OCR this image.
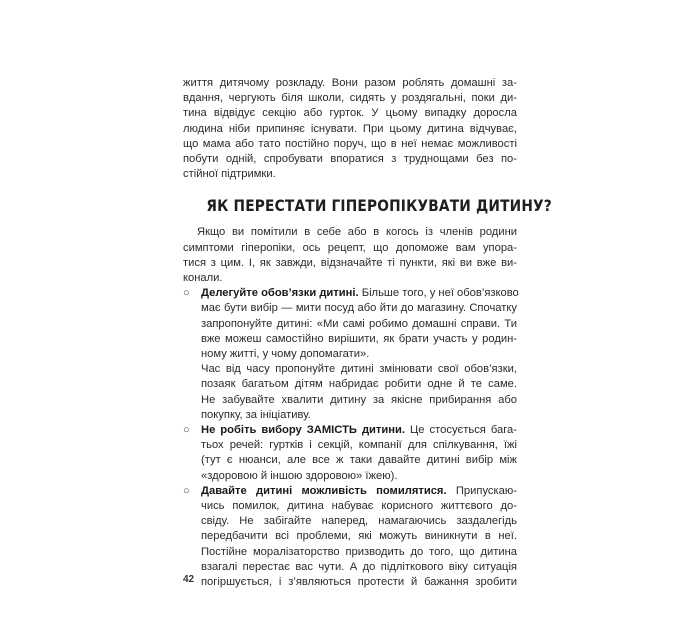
життя дитячому розкладу. Вони разом роблять домашні за-
вдання, чергують біля школи, сидять у роздягальні, поки ди-
тина відвідує секцію або гурток. У цьому випадку доросла
людина ніби припиняє існувати. При цьому дитина відчуває,
що мама або тато постійно поруч, що в неї немає можливості
побути одній, спробувати впоратися з труднощами без по-
стійної підтримки.
ЯК ПЕРЕСТАТИ ГІПЕРОПІКУВАТИ ДИТИНУ?
Якщо ви помітили в себе або в когось із членів родини
симптоми гіперопіки, ось рецепт, що допоможе вам упора-
тися з цим. І, як завжди, відзначайте ті пункти, які ви вже ви-
конали.
○ Делегуйте обов’язки дитині. Більше того, у неї обов’язково
має бути вибір — мити посуд або йти до магазину. Спочатку
запропонуйте дитині: «Ми самі робимо домашні справи. Ти
вже можеш самостійно вирішити, як брати участь у родин-
ному житті, у чому допомагати».
Час від часу пропонуйте дитині змінювати свої обов’язки,
позаяк багатьом дітям набридає робити одне й те саме.
Не забувайте хвалити дитину за якісне прибирання або
покупку, за ініціативу.
○ Не робіть вибору ЗАМІСТЬ дитини. Це стосується бага-
тьох речей: гуртків і секцій, компанії для спілкування, їжі
(тут є нюанси, але все ж таки давайте дитині вибір між
«здоровою й іншою здоровою» їжею).
○ Давайте дитині можливість помилятися. Припускаю-
чись помилок, дитина набуває корисного життєвого до-
свіду. Не забігайте наперед, намагаючись заздалегідь
передбачити всі проблеми, які можуть виникнути в неї.
Постійне моралізаторство призводить до того, що дитина
взагалі перестає вас чути. А до підліткового віку ситуація
погіршується, і з’являються протести й бажання зробити
42
